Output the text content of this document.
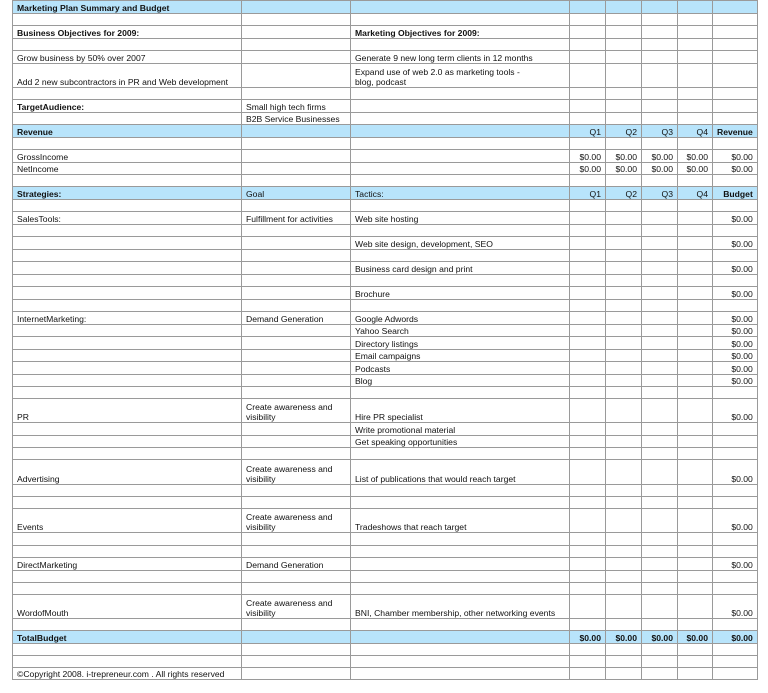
Marketing Plan Summary and Budget							

Business Objectives for 2009:		Marketing Objectives for 2009:					

Grow business by 50% over 2007		Generate 9 new long term clients in 12 months					
Add 2 new subcontractors in PR and Web development		Expand use of web 2.0 as marketing tools -
blog, podcast					

TargetAudience:	Small high tech firms						
	B2B Service Businesses						
Revenue			Q1	Q2	Q3	Q4	Revenue

GrossIncome			$0.00	$0.00	$0.00	$0.00	$0.00
NetIncome			$0.00	$0.00	$0.00	$0.00	$0.00

Strategies:	Goal	Tactics:	Q1	Q2	Q3	Q4	Budget

SalesTools:	Fulfillment for activities	Web site hosting					$0.00

		Web site design, development, SEO					$0.00

		Business card design and print					$0.00

		Brochure					$0.00

InternetMarketing:	Demand Generation	Google Adwords					$0.00
		Yahoo Search					$0.00
		Directory listings					$0.00
		Email campaigns					$0.00
		Podcasts					$0.00
		Blog					$0.00

PR	Create awareness and visibility	Hire PR specialist					$0.00
		Write promotional material					
		Get speaking opportunities					

Advertising	Create awareness and visibility	List of publications that would reach target					$0.00

Events	Create awareness and visibility	Tradeshows that reach target					$0.00

DirectMarketing	Demand Generation						$0.00

WordofMouth	Create awareness and visibility	BNI, Chamber membership, other networking events					$0.00

TotalBudget			$0.00	$0.00	$0.00	$0.00	$0.00

©Copyright 2008. i-trepreneur.com . All rights reserved							
